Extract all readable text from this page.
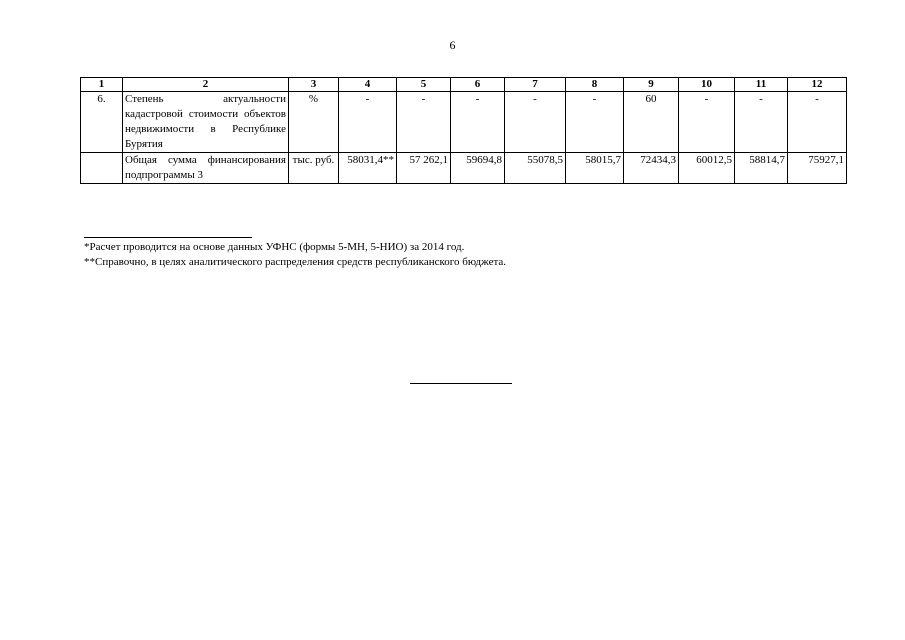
6
1	2	3	4	5	6	7	8	9	10	11	12
6.	Степень актуальности кадастровой стоимости объектов недвижимости в Республике Бурятия	%	-	-	-	-	-	60	-	-	-
	Общая сумма финансирования подпрограммы 3	тыс. руб.	58031,4**	57 262,1	59694,8	55078,5	58015,7	72434,3	60012,5	58814,7	75927,1
*Расчет проводится на основе данных УФНС (формы 5-МН, 5-НИО) за 2014 год.
**Справочно, в целях аналитического распределения средств республиканского бюджета.
